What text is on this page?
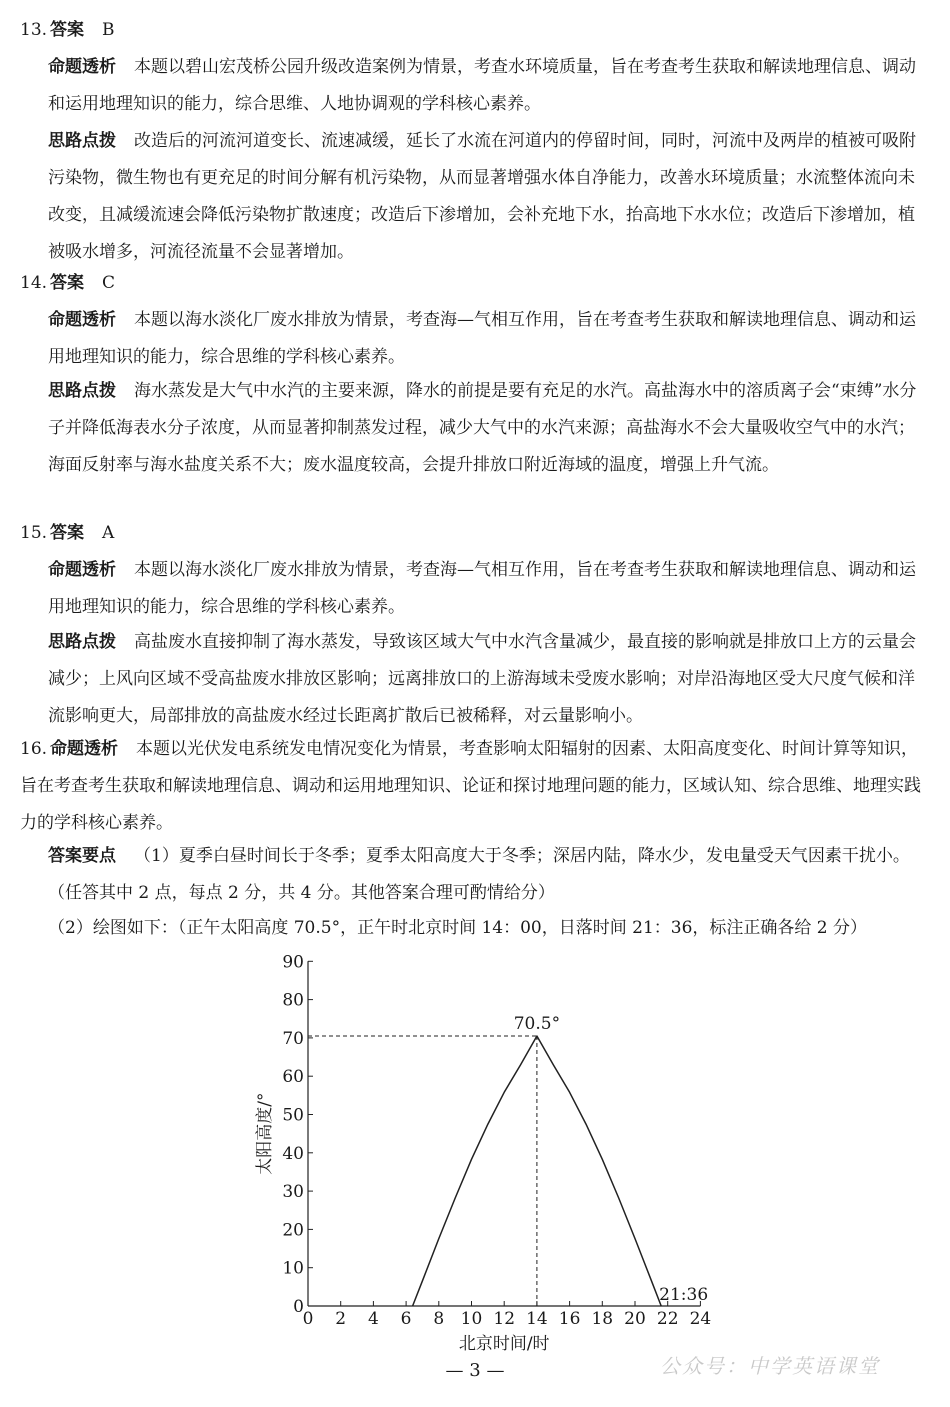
13. 答案 B
命题透析 本题以碧山宏茂桥公园升级改造案例为情景，考查水环境质量，旨在考查考生获取和解读地理信息、调动和运用地理知识的能力，综合思维、人地协调观的学科核心素养。
思路点拨 改造后的河流河道变长、流速减缓，延长了水流在河道内的停留时间，同时，河流中及两岸的植被可吸附污染物，微生物也有更充足的时间分解有机污染物，从而显著增强水体自净能力，改善水环境质量；水流整体流向未改变，且减缓流速会降低污染物扩散速度；改造后下渗增加，会补充地下水，抬高地下水水位；改造后下渗增加，植被吸水增多，河流径流量不会显著增加。
14. 答案 C
命题透析 本题以海水淡化厂废水排放为情景，考查海—气相互作用，旨在考查考生获取和解读地理信息、调动和运用地理知识的能力，综合思维的学科核心素养。
思路点拨 海水蒸发是大气中水汽的主要来源，降水的前提是要有充足的水汽。高盐海水中的溶质离子会“束缚”水分子并降低海表水分子浓度，从而显著抑制蒸发过程，减少大气中的水汽来源；高盐海水不会大量吸收空气中的水汽；海面反射率与海水盐度关系不大；废水温度较高，会提升排放口附近海域的温度，增强上升气流。
15. 答案 A
命题透析 本题以海水淡化厂废水排放为情景，考查海—气相互作用，旨在考查考生获取和解读地理信息、调动和运用地理知识的能力，综合思维的学科核心素养。
思路点拨 高盐废水直接抑制了海水蒸发，导致该区域大气中水汽含量减少，最直接的影响就是排放口上方的云量会减少；上风向区域不受高盐废水排放区影响；远离排放口的上游海域未受废水影响；对岸沿海地区受大尺度气候和洋流影响更大，局部排放的高盐废水经过长距离扩散后已被稀释，对云量影响小。
16. 命题透析 本题以光伏发电系统发电情况变化为情景，考查影响太阳辐射的因素、太阳高度变化、时间计算等知识，旨在考查考生获取和解读地理信息、调动和运用地理知识、论证和探讨地理问题的能力，区域认知、综合思维、地理实践力的学科核心素养。
答案要点 （1）夏季白昼时间长于冬季；夏季太阳高度大于冬季；深居内陆，降水少，发电量受天气因素干扰小。（任答其中 2 点，每点 2 分，共 4 分。其他答案合理可酌情给分）
（2）绘图如下：（正午太阳高度 70.5°，正午时北京时间 14：00，日落时间 21：36，标注正确各给 2 分）
0
10
20
30
40
50
60
70
80
90
0 2 4 6 8 10 12 14 16 18 20 22 24
北京时间/时
太阳高度/°
70.5°
21:36
— 3 —	公众号：中学英语课堂
